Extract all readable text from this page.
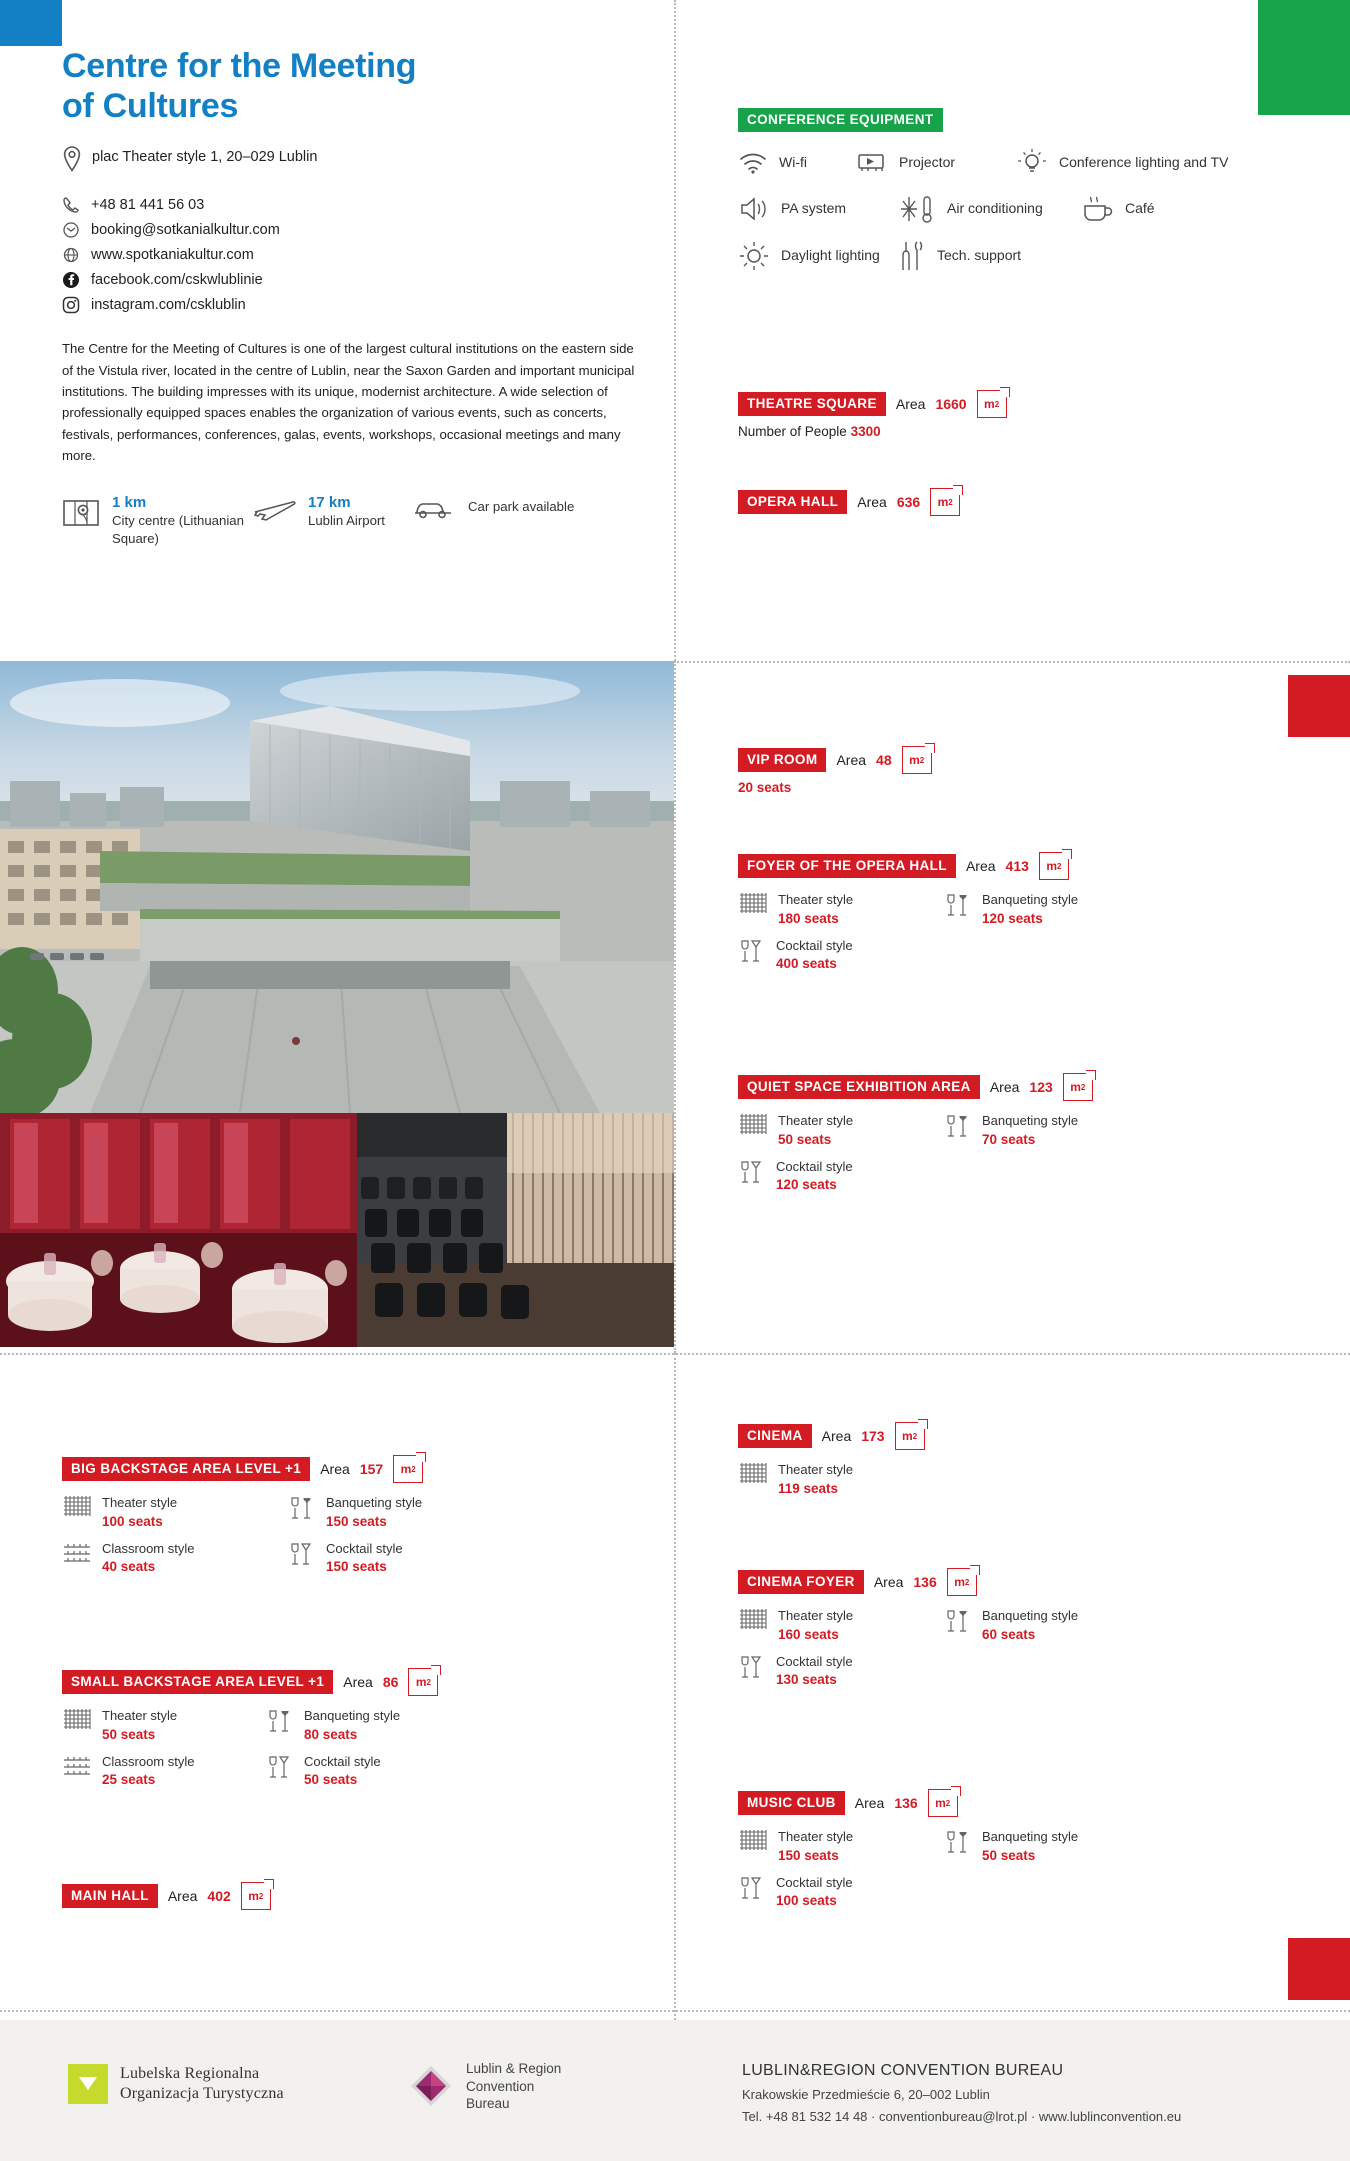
Centre for the Meeting
of Cultures
plac Theater style 1, 20–029 Lublin
+48 81 441 56 03
booking@sotkanialkultur.com
www.spotkaniakultur.com
facebook.com/cskwlublinie
instagram.com/csklublin

The Centre for the Meeting of Cultures is one of the largest cultural institutions on the eastern side of the Vistula river, located in the centre of Lublin, near the Saxon Garden and important municipal institutions. The building impresses with its unique, modernist architecture. A wide selection of professionally equipped spaces enables the organization of various events, such as concerts, festivals, performances, conferences, galas, events, workshops, occasional meetings and many more.

1 km
City centre (Lithuanian Square)
17 km
Lublin Airport
Car park available
CONFERENCE EQUIPMENT
Wi-fi	Projector	Conference lighting and TV
PA system	Air conditioning	Café
Daylight lighting	Tech. support
THEATRE SQUARE	Area 1660 m 2
Number of People 3300
OPERA HALL	Area 636 m 2
VIP ROOM	Area 48 m 2
20 seats
FOYER OF THE OPERA HALL	Area 413 m 2
Theater style
180 seats
Banqueting style
120 seats
Cocktail style
400 seats
QUIET SPACE EXHIBITION AREA	Area 123 m 2
Theater style
50 seats
Banqueting style
70 seats
Cocktail style
120 seats
CINEMA	Area 173 m 2
Theater style
119 seats
CINEMA FOYER	Area 136 m 2
Theater style
160 seats
Banqueting style
60 seats
Cocktail style
130 seats
MUSIC CLUB	Area 136 m 2
Theater style
150 seats
Banqueting style
50 seats
Cocktail style
100 seats
BIG BACKSTAGE AREA LEVEL +1	Area 157 m 2
Theater style
100 seats
Banqueting style
150 seats
Classroom style
40 seats
Cocktail style
150 seats
SMALL BACKSTAGE AREA LEVEL +1	Area 86 m 2
Theater style
50 seats
Banqueting style
80 seats
Classroom style
25 seats
Cocktail style
50 seats
MAIN HALL	Area 402 m 2
Lubelska Regionalna
Organizacja Turystyczna
Lublin & Region
Convention
Bureau
LUBLIN&REGION CONVENTION BUREAU
Krakowskie Przedmieście 6, 20–002 Lublin
Tel. +48 81 532 14 48 · conventionbureau@lrot.pl · www.lublinconvention.eu
